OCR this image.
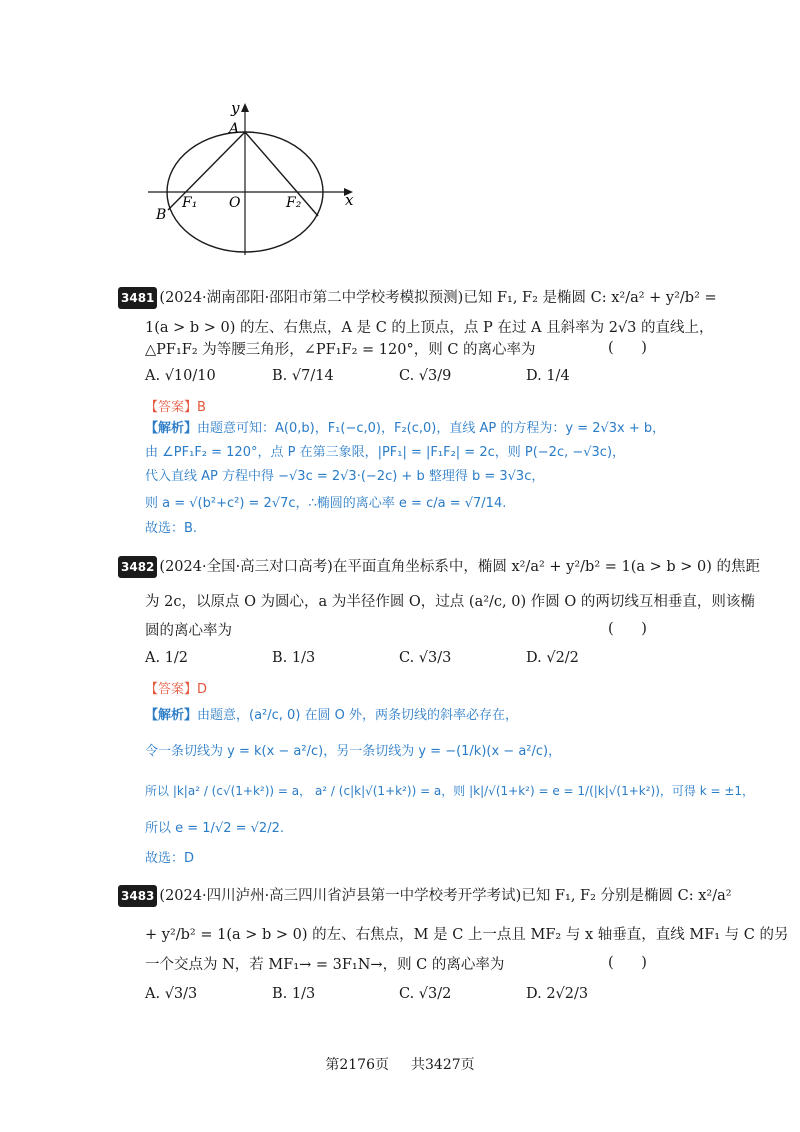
y
A
x
F₁ O	F₂
B
3481 (2024·湖南邵阳·邵阳市第二中学校考模拟预测)已知 F₁, F₂ 是椭圆 C: x²/a² + y²/b² =
1(a > b > 0) 的左、右焦点，A 是 C 的上顶点，点 P 在过 A 且斜率为 2√3 的直线上，
△PF₁F₂ 为等腰三角形，∠PF₁F₂ = 120°，则 C 的离心率为	(      )
A. √10/10	B. √7/14	C. √3/9	D. 1/4
【答案】B
【解析】由题意可知：A(0,b)，F₁(−c,0)，F₂(c,0)，直线 AP 的方程为：y = 2√3x + b，
由 ∠PF₁F₂ = 120°，点 P 在第三象限，|PF₁| = |F₁F₂| = 2c，则 P(−2c, −√3c)，
代入直线 AP 方程中得 −√3c = 2√3·(−2c) + b 整理得 b = 3√3c，
则 a = √(b²+c²) = 2√7c，∴椭圆的离心率 e = c/a = √7/14.
故选：B.
3482 (2024·全国·高三对口高考)在平面直角坐标系中，椭圆 x²/a² + y²/b² = 1(a > b > 0) 的焦距
为 2c，以原点 O 为圆心，a 为半径作圆 O，过点 (a²/c, 0) 作圆 O 的两切线互相垂直，则该椭
圆的离心率为	(      )
A. 1/2	B. 1/3	C. √3/3	D. √2/2
【答案】D
【解析】由题意，(a²/c, 0) 在圆 O 外，两条切线的斜率必存在，
令一条切线为 y = k(x − a²/c)，另一条切线为 y = −(1/k)(x − a²/c)，
所以 |k|a² / (c√(1+k²)) = a， a² / (c|k|√(1+k²)) = a，则 |k|/√(1+k²) = e = 1/(|k|√(1+k²))，可得 k = ±1，
所以 e = 1/√2 = √2/2.
故选：D
3483 (2024·四川泸州·高三四川省泸县第一中学校考开学考试)已知 F₁, F₂ 分别是椭圆 C: x²/a²
+ y²/b² = 1(a > b > 0) 的左、右焦点，M 是 C 上一点且 MF₂ 与 x 轴垂直，直线 MF₁ 与 C 的另
一个交点为 N，若 MF₁→ = 3F₁N→，则 C 的离心率为	(      )
A. √3/3	B. 1/3	C. √3/2	D. 2√2/3
第2176页 共3427页
